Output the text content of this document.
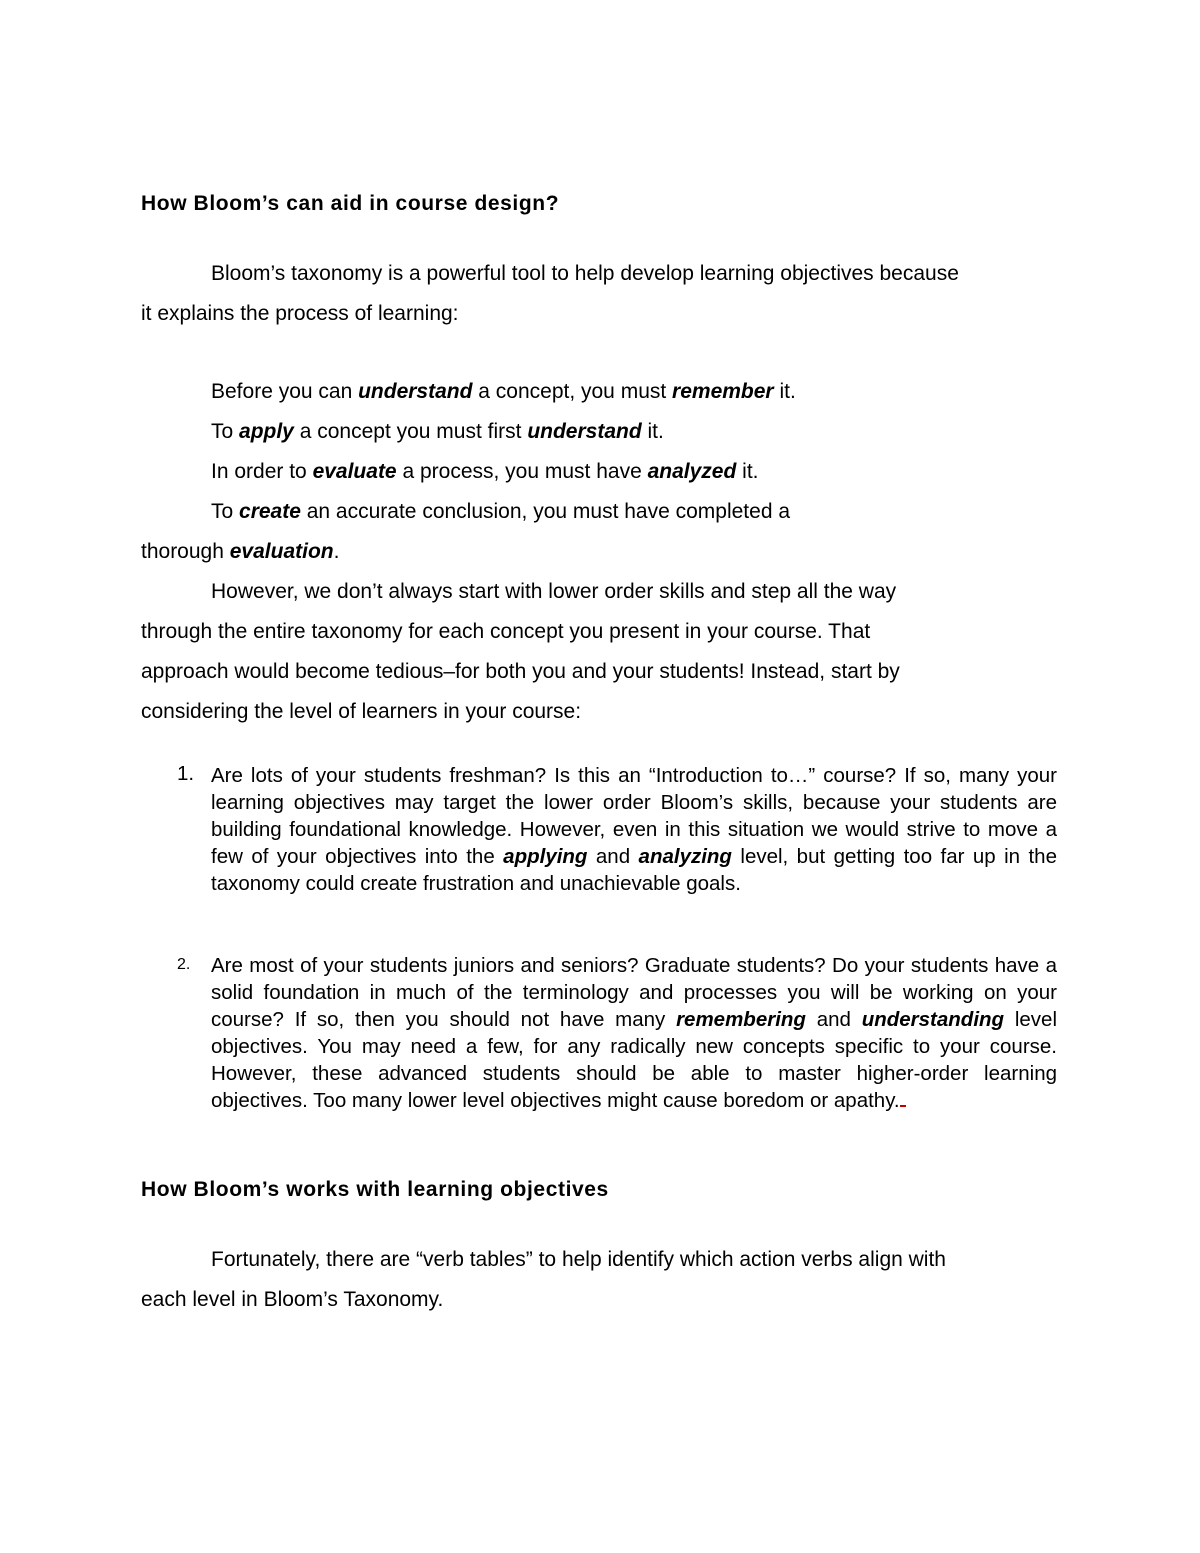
How Bloom’s can aid in course design?
Bloom’s taxonomy is a powerful tool to help develop learning objectives because
it explains the process of learning:
Before you can understand a concept, you must remember it.
To apply a concept you must first understand it.
In order to evaluate a process, you must have analyzed it.
To create an accurate conclusion, you must have completed a
thorough evaluation.
However, we don’t always start with lower order skills and step all the way
through the entire taxonomy for each concept you present in your course. That
approach would become tedious–for both you and your students! Instead, start by
considering the level of learners in your course:
1. Are lots of your students freshman? Is this an “Introduction to…” course? If so, many your learning objectives may target the lower order Bloom’s skills, because your students are building foundational knowledge. However, even in this situation we would strive to move a few of your objectives into the applying and analyzing level, but getting too far up in the taxonomy could create frustration and unachievable goals.
2.	Are most of your students juniors and seniors? Graduate students? Do your students have a solid foundation in much of the terminology and processes you will be working on your course? If so, then you should not have many remembering and understanding level objectives. You may need a few, for any radically new concepts specific to your course. However, these advanced students should be able to master higher-order learning objectives. Too many lower level objectives might cause boredom or apathy.
How Bloom’s works with learning objectives
Fortunately, there are “verb tables” to help identify which action verbs align with
each level in Bloom’s Taxonomy.
